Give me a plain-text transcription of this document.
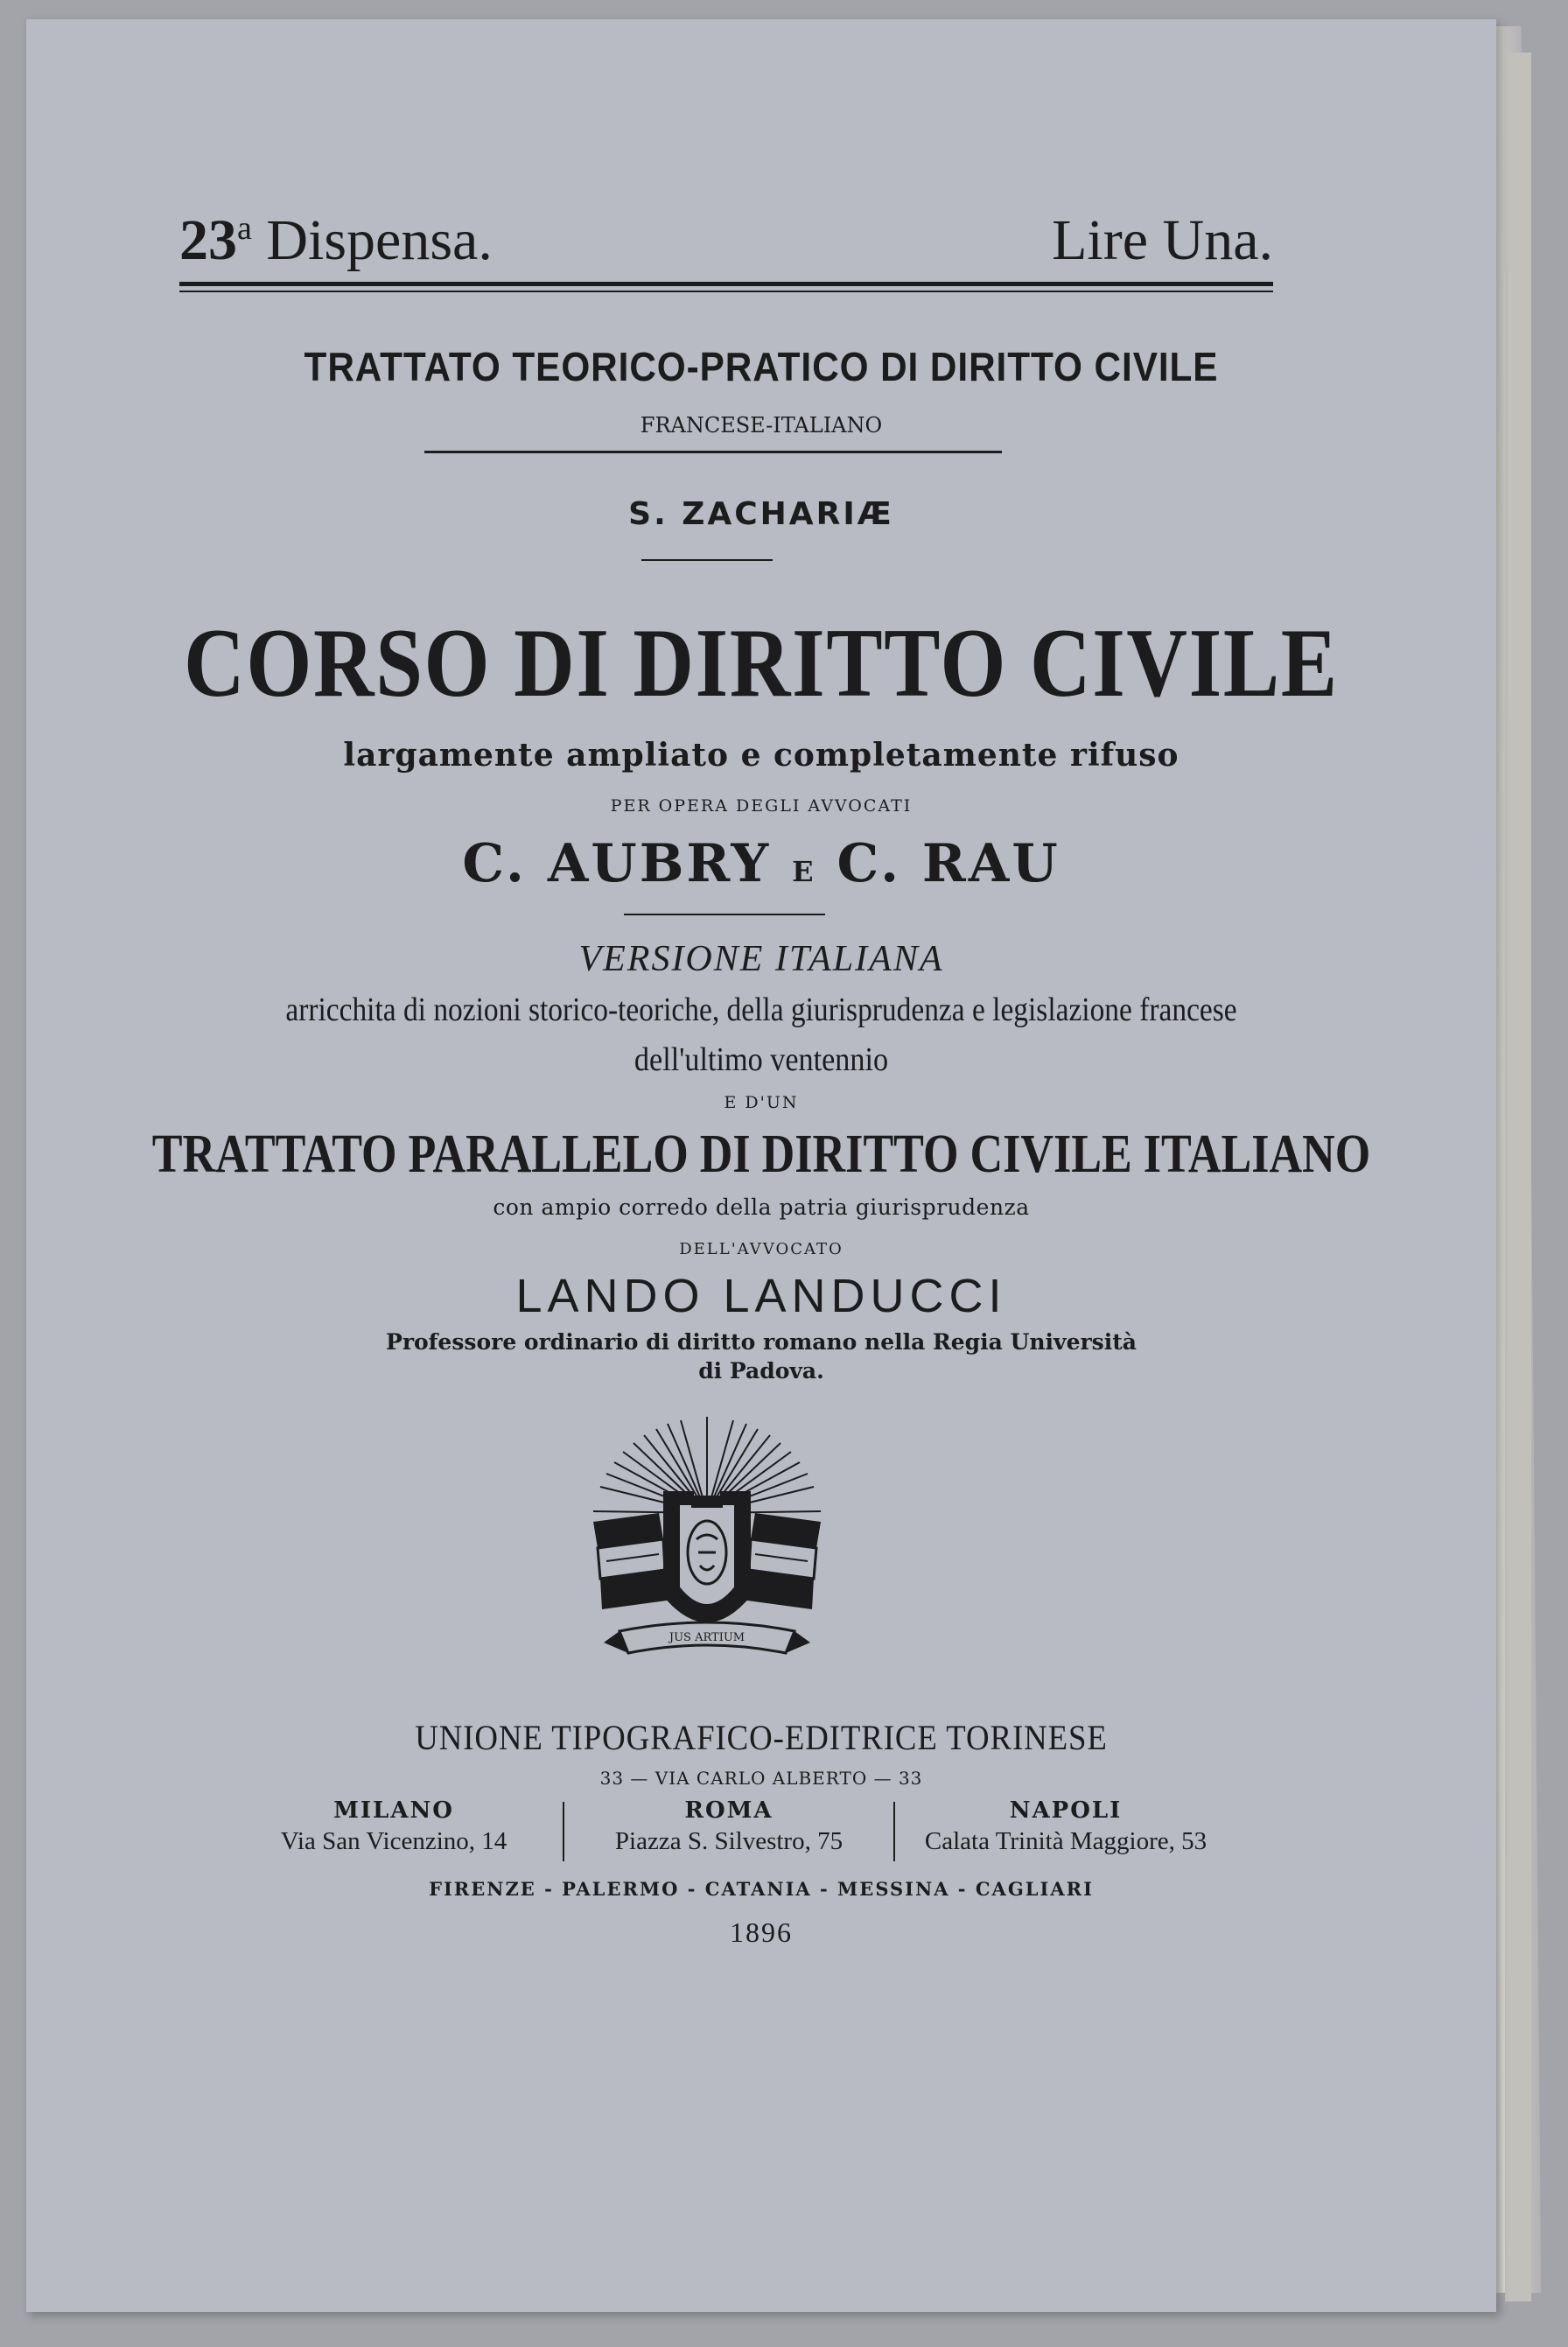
23$^a$ Dispensa.	Lire Una.
TRATTATO TEORICO-PRATICO DI DIRITTO CIVILE
FRANCESE-ITALIANO
S. ZACHARIÆ
CORSO DI DIRITTO CIVILE
largamente ampliato e completamente rifuso
PER OPERA DEGLI AVVOCATI
C. AUBRY E C. RAU
VERSIONE ITALIANA
arricchita di nozioni storico-teoriche, della giurisprudenza e legislazione francese
dell'ultimo ventennio
E D'UN
TRATTATO PARALLELO DI DIRITTO CIVILE ITALIANO
con ampio corredo della patria giurisprudenza
DELL'AVVOCATO
LANDO LANDUCCI
Professore ordinario di diritto romano nella Regia Università
di Padova.
JUS ARTIUM
UNIONE TIPOGRAFICO-EDITRICE TORINESE
33 — VIA CARLO ALBERTO — 33
MILANO
Via San Vicenzino, 14
ROMA
Piazza S. Silvestro, 75
NAPOLI
Calata Trinità Maggiore, 53
FIRENZE - PALERMO - CATANIA - MESSINA - CAGLIARI
1896
